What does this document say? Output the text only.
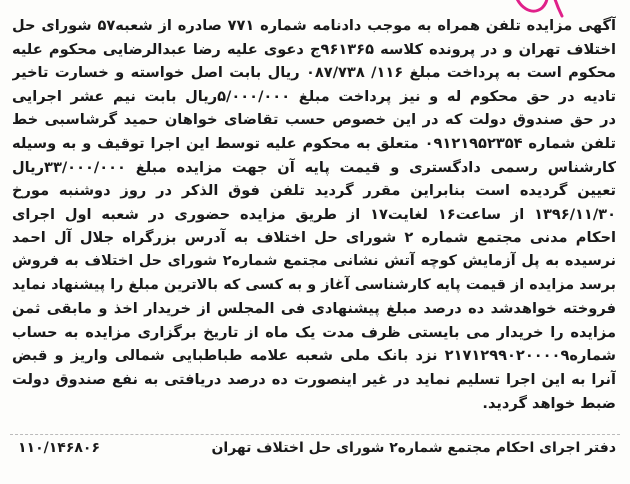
آگهی مزایده تلفن همراه به موجب دادنامه شماره ۷۷۱ صادره از شعبه۵۷ شورای حل
اختلاف تهران و در پرونده کلاسه ۹۶۱۳۶۵ج دعوی علیه رضا عبدالرضایی محکوم علیه
محکوم است به پرداخت مبلغ ۱۱۶/ ۰۸۷/۷۳۸ ریال بابت اصل خواسته و خسارت تاخیر
تادیه در حق محکوم له و نیز پرداخت مبلغ ۵/۰۰۰/۰۰۰ریال بابت نیم عشر اجرایی
در حق صندوق دولت که در این خصوص حسب تقاضای خواهان حمید گرشاسبی خط
تلفن شماره ۰۹۱۲۱۹۵۲۳۵۴ متعلق به محکوم علیه توسط این اجرا توقیف و به وسیله
کارشناس رسمی دادگستری و قیمت پایه آن جهت مزایده مبلغ ۳۳/۰۰۰/۰۰۰ریال
تعیین گردیده است بنابراین مقرر گردید تلفن فوق الذکر در روز دوشنبه مورخ
۱۳۹۶/۱۱/۳۰ از ساعت۱۶ لغایت۱۷ از طریق مزایده حضوری در شعبه اول اجرای
احکام مدنی مجتمع شماره ۲ شورای حل اختلاف به آدرس بزرگراه جلال آل احمد
نرسیده به پل آزمایش کوچه آتش نشانی مجتمع شماره۲ شورای حل اختلاف به فروش
برسد مزایده از قیمت پایه کارشناسی آغاز و به کسی که بالاترین مبلغ را پیشنهاد نماید
فروخته خواهدشد ده درصد مبلغ پیشنهادی فی المجلس از خریدار اخذ و مابقی ثمن
مزایده را خریدار می بایستی ظرف مدت یک ماه از تاریخ برگزاری مزایده به حساب
شماره۲۱۷۱۲۹۹۰۲۰۰۰۰۹ نزد بانک ملی شعبه علامه طباطبایی شمالی واریز و قبض
آنرا به این اجرا تسلیم نماید در غیر اینصورت ده درصد دریافتی به نفع صندوق دولت
ضبط خواهد گردید.
دفتر اجرای احکام مجتمع شماره۲ شورای حل اختلاف تهران
۱۱۰/۱۴۶۸۰۶
